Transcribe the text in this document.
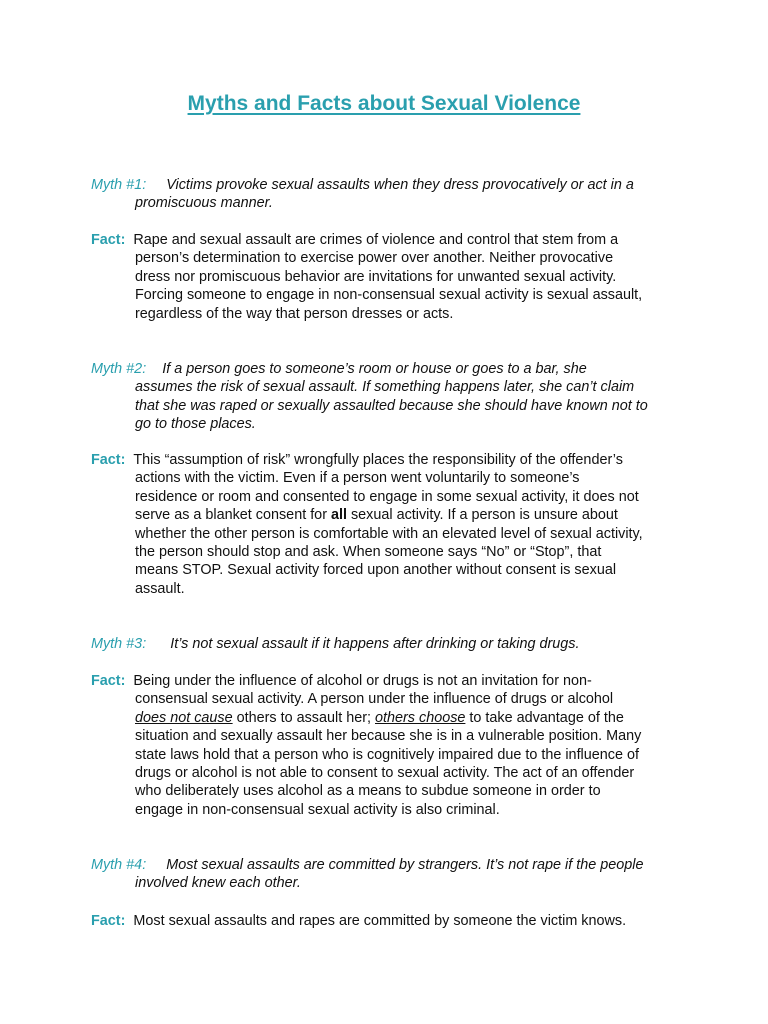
Myths and Facts about Sexual Violence
Myth #1: Victims provoke sexual assaults when they dress provocatively or act in a
promiscuous manner.
Fact: Rape and sexual assault are crimes of violence and control that stem from a
person’s determination to exercise power over another. Neither provocative
dress nor promiscuous behavior are invitations for unwanted sexual activity.
Forcing someone to engage in non-consensual sexual activity is sexual assault,
regardless of the way that person dresses or acts.
Myth #2: If a person goes to someone’s room or house or goes to a bar, she
assumes the risk of sexual assault. If something happens later, she can’t claim
that she was raped or sexually assaulted because she should have known not to
go to those places.
Fact: This “assumption of risk” wrongfully places the responsibility of the offender’s
actions with the victim. Even if a person went voluntarily to someone’s
residence or room and consented to engage in some sexual activity, it does not
serve as a blanket consent for all sexual activity. If a person is unsure about
whether the other person is comfortable with an elevated level of sexual activity,
the person should stop and ask. When someone says “No” or “Stop”, that
means STOP. Sexual activity forced upon another without consent is sexual
assault.
Myth #3: It’s not sexual assault if it happens after drinking or taking drugs.
Fact: Being under the influence of alcohol or drugs is not an invitation for non-
consensual sexual activity. A person under the influence of drugs or alcohol
does not cause others to assault her; others choose to take advantage of the
situation and sexually assault her because she is in a vulnerable position. Many
state laws hold that a person who is cognitively impaired due to the influence of
drugs or alcohol is not able to consent to sexual activity. The act of an offender
who deliberately uses alcohol as a means to subdue someone in order to
engage in non-consensual sexual activity is also criminal.
Myth #4: Most sexual assaults are committed by strangers. It’s not rape if the people
involved knew each other.
Fact: Most sexual assaults and rapes are committed by someone the victim knows.
